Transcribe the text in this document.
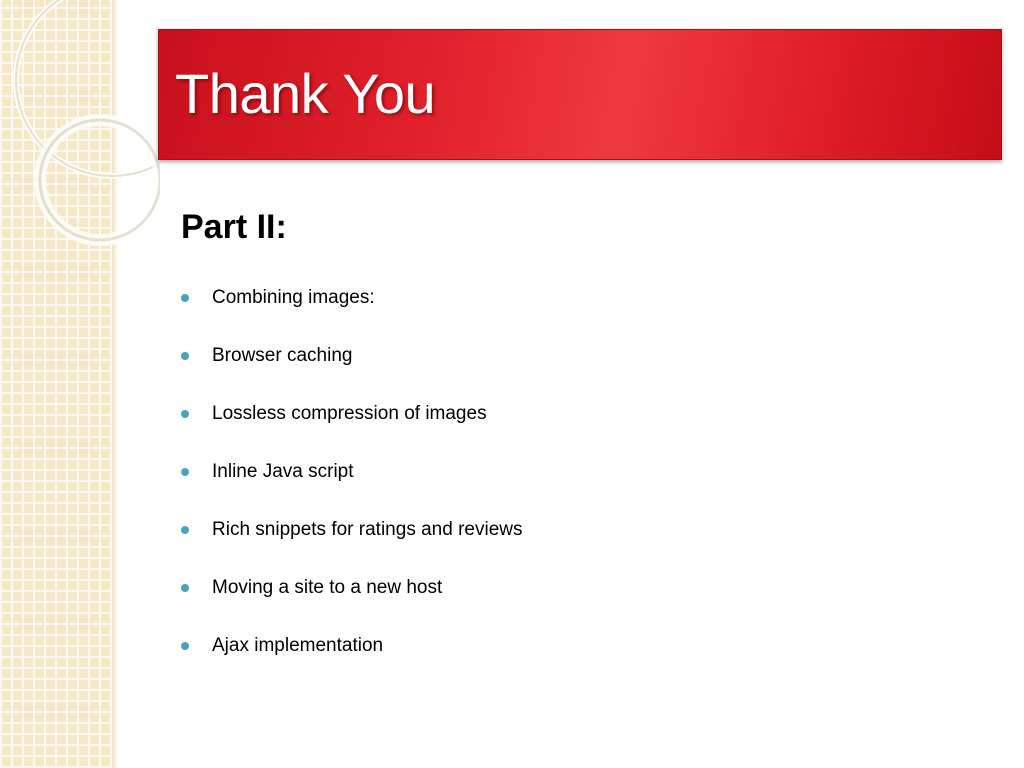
Thank You
Part II:
Combining images:
Browser caching
Lossless compression of images
Inline Java script
Rich snippets for ratings and reviews
Moving a site to a new host
Ajax implementation
